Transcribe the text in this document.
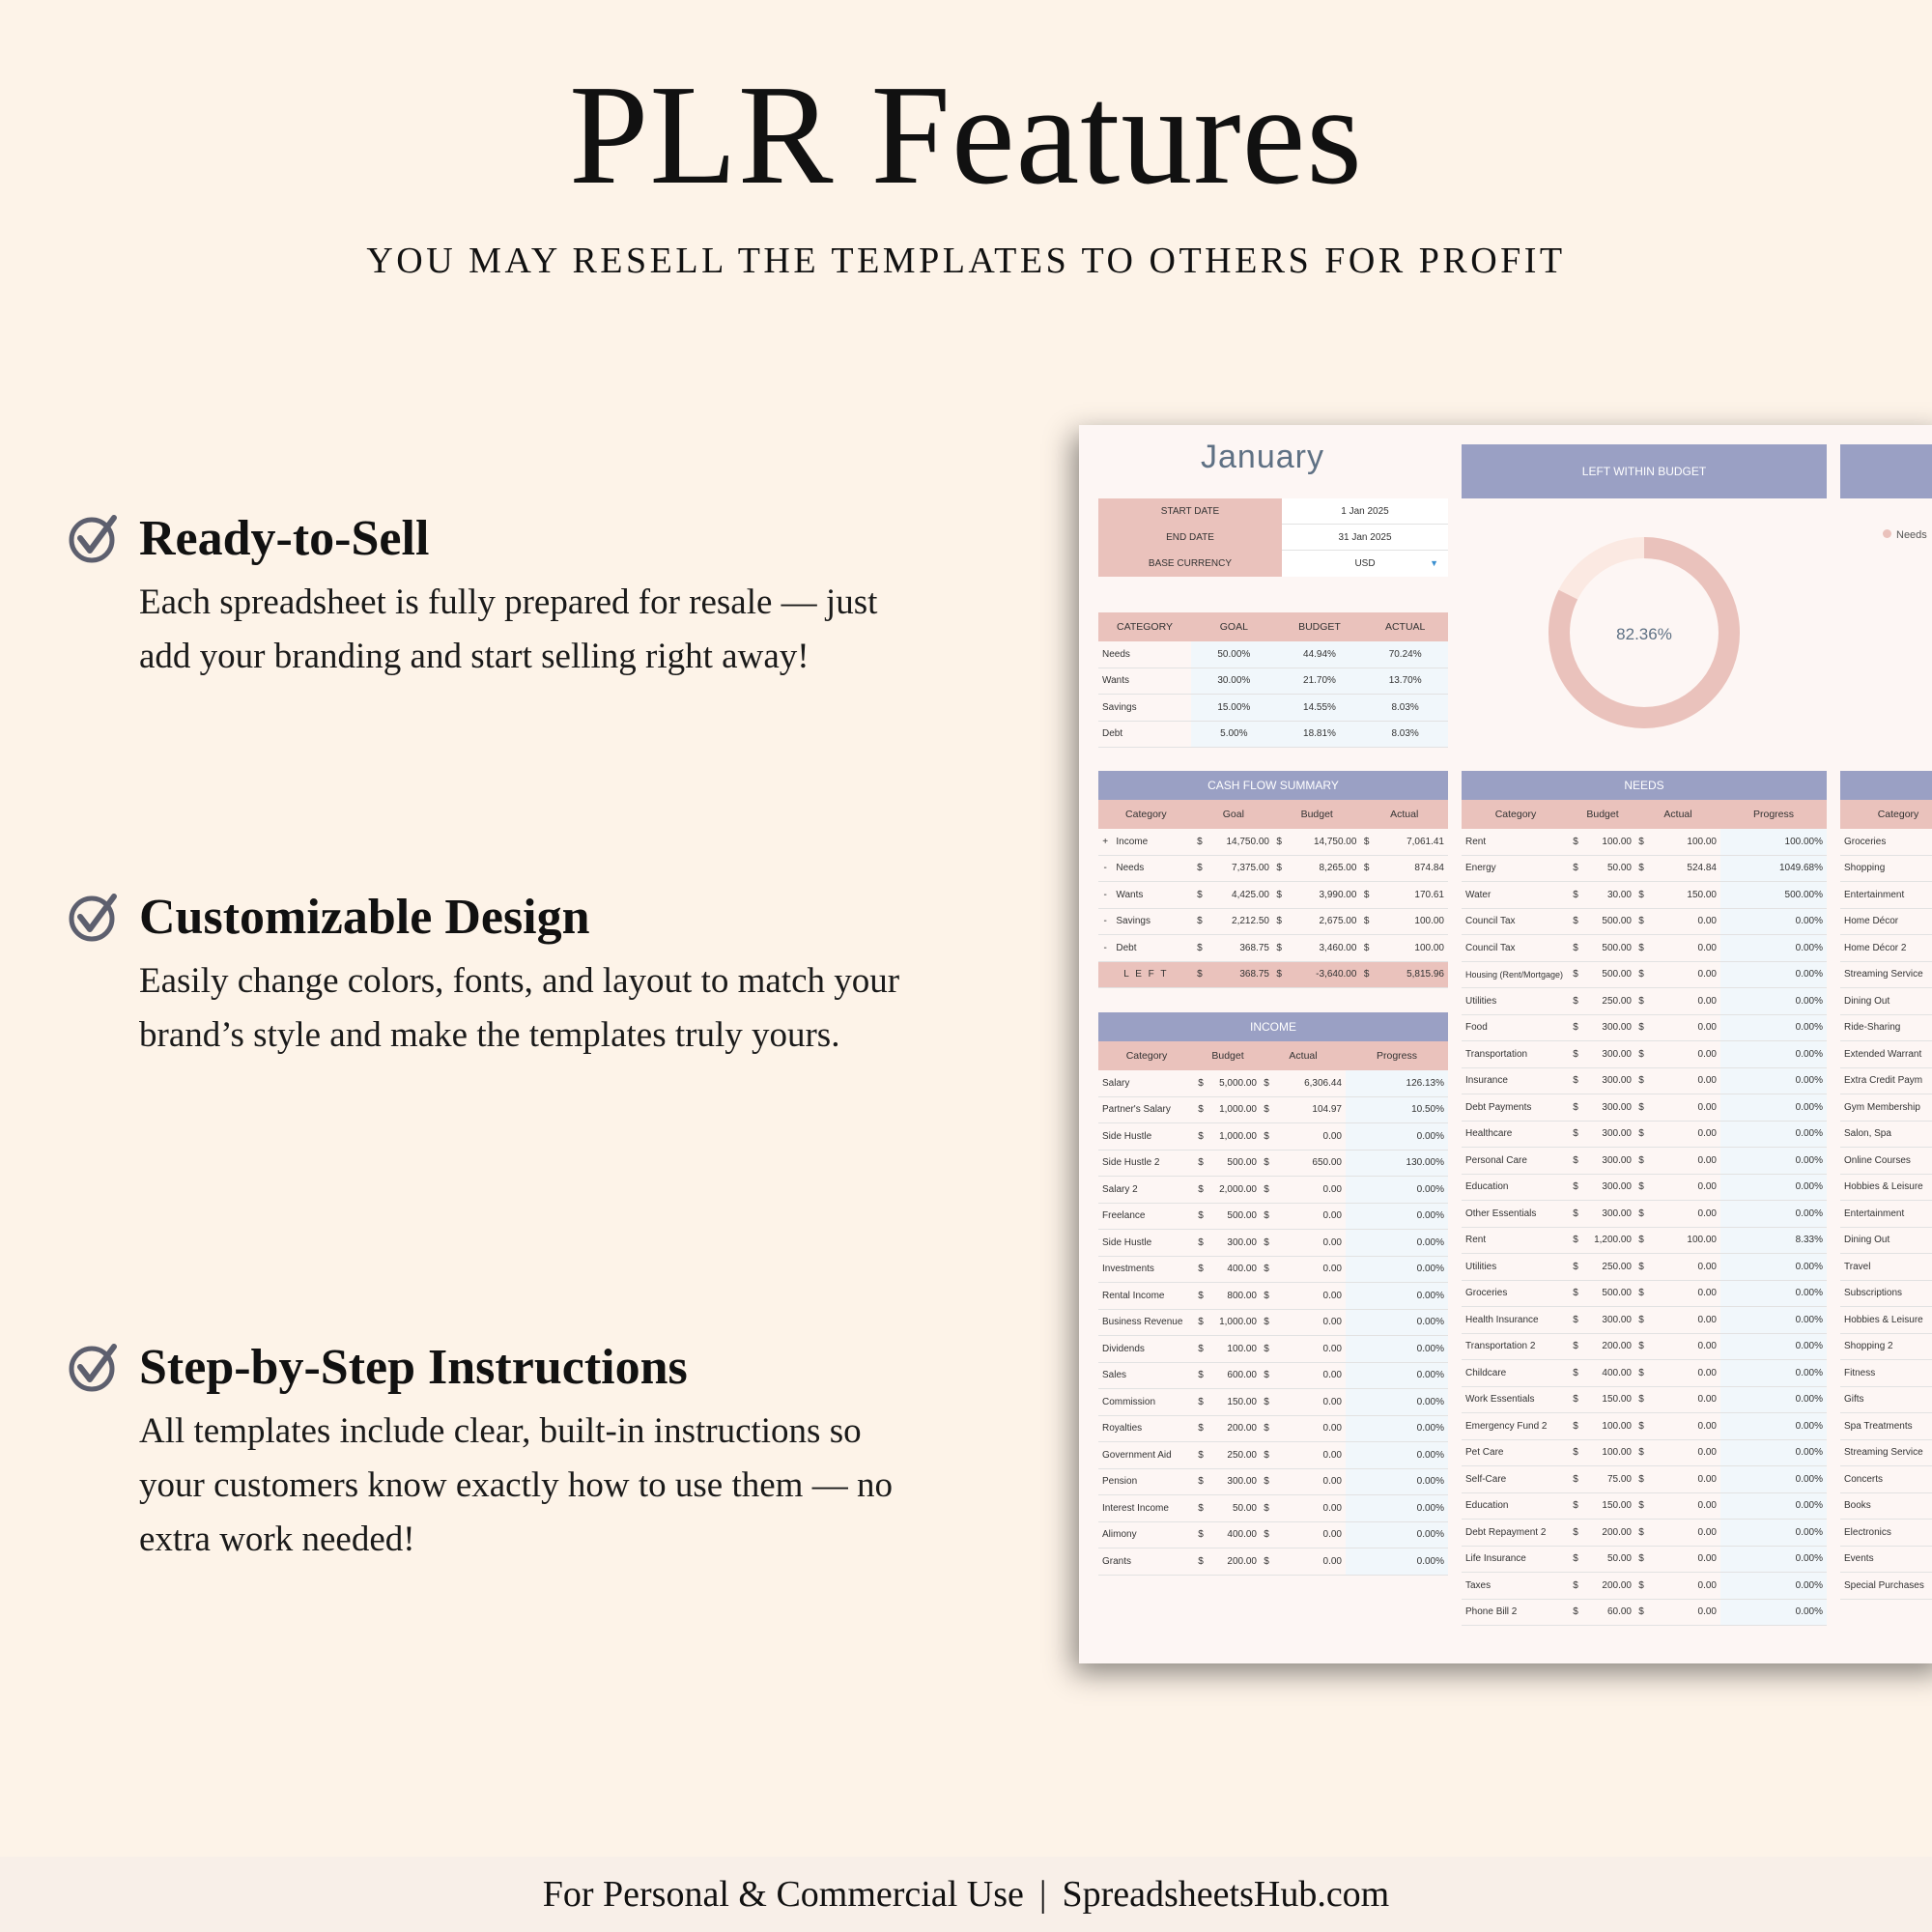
PLR Features
YOU MAY RESELL THE TEMPLATES TO OTHERS FOR PROFIT
Ready-to-Sell

Each spreadsheet is fully prepared for resale — just add your branding and start selling right away!

Customizable Design

Easily change colors, fonts, and layout to match your brand’s style and make the templates truly yours.

Step-by-Step Instructions

All templates include clear, built-in instructions so your customers know exactly how to use them — no extra work needed!

January	LEFT WITHIN BUDGET
82.36%
Needs
START DATE	1 Jan 2025
END DATE	31 Jan 2025
BASE CURRENCY	USD	▼
CATEGORY	GOAL	BUDGET	ACTUAL
Needs	50.00%	44.94%	70.24%
Wants	30.00%	21.70%	13.70%
Savings	15.00%	14.55%	8.03%
Debt	5.00%	18.81%	8.03%
CASH FLOW SUMMARY
Category		Goal		Budget		Actual	
+	Income	$	14,750.00	$	14,750.00	$	7,061.41
-	Needs	$	7,375.00	$	8,265.00	$	874.84
-	Wants	$	4,425.00	$	3,990.00	$	170.61
-	Savings	$	2,212.50	$	2,675.00	$	100.00
-	Debt	$	368.75	$	3,460.00	$	100.00
L E F T		$	368.75	$	-3,640.00	$	5,815.96
INCOME
Category	Budget		Actual		Progress
Salary	$	5,000.00	$	6,306.44	126.13%
Partner's Salary	$	1,000.00	$	104.97	10.50%
Side Hustle	$	1,000.00	$	0.00	0.00%
Side Hustle 2	$	500.00	$	650.00	130.00%
Salary 2	$	2,000.00	$	0.00	0.00%
Freelance	$	500.00	$	0.00	0.00%
Side Hustle	$	300.00	$	0.00	0.00%
Investments	$	400.00	$	0.00	0.00%
Rental Income	$	800.00	$	0.00	0.00%
Business Revenue	$	1,000.00	$	0.00	0.00%
Dividends	$	100.00	$	0.00	0.00%
Sales	$	600.00	$	0.00	0.00%
Commission	$	150.00	$	0.00	0.00%
Royalties	$	200.00	$	0.00	0.00%
Government Aid	$	250.00	$	0.00	0.00%
Pension	$	300.00	$	0.00	0.00%
Interest Income	$	50.00	$	0.00	0.00%
Alimony	$	400.00	$	0.00	0.00%
Grants	$	200.00	$	0.00	0.00%
NEEDS
Category	Budget		Actual		Progress
Rent	$	100.00	$	100.00	100.00%
Energy	$	50.00	$	524.84	1049.68%
Water	$	30.00	$	150.00	500.00%
Council Tax	$	500.00	$	0.00	0.00%
Council Tax	$	500.00	$	0.00	0.00%
Housing (Rent/Mortgage)	$	500.00	$	0.00	0.00%
Utilities	$	250.00	$	0.00	0.00%
Food	$	300.00	$	0.00	0.00%
Transportation	$	300.00	$	0.00	0.00%
Insurance	$	300.00	$	0.00	0.00%
Debt Payments	$	300.00	$	0.00	0.00%
Healthcare	$	300.00	$	0.00	0.00%
Personal Care	$	300.00	$	0.00	0.00%
Education	$	300.00	$	0.00	0.00%
Other Essentials	$	300.00	$	0.00	0.00%
Rent	$	1,200.00	$	100.00	8.33%
Utilities	$	250.00	$	0.00	0.00%
Groceries	$	500.00	$	0.00	0.00%
Health Insurance	$	300.00	$	0.00	0.00%
Transportation 2	$	200.00	$	0.00	0.00%
Childcare	$	400.00	$	0.00	0.00%
Work Essentials	$	150.00	$	0.00	0.00%
Emergency Fund 2	$	100.00	$	0.00	0.00%
Pet Care	$	100.00	$	0.00	0.00%
Self-Care	$	75.00	$	0.00	0.00%
Education	$	150.00	$	0.00	0.00%
Debt Repayment 2	$	200.00	$	0.00	0.00%
Life Insurance	$	50.00	$	0.00	0.00%
Taxes	$	200.00	$	0.00	0.00%
Phone Bill 2	$	60.00	$	0.00	0.00%
Category
Groceries
Shopping
Entertainment
Home Décor
Home Décor 2
Streaming Service
Dining Out
Ride-Sharing
Extended Warrant
Extra Credit Paym
Gym Membership
Salon, Spa
Online Courses
Hobbies & Leisure
Entertainment
Dining Out
Travel
Subscriptions
Hobbies & Leisure
Shopping 2
Fitness
Gifts
Spa Treatments
Streaming Service
Concerts
Books
Electronics
Events
Special Purchases
For Personal & Commercial Use | SpreadsheetsHub.com
